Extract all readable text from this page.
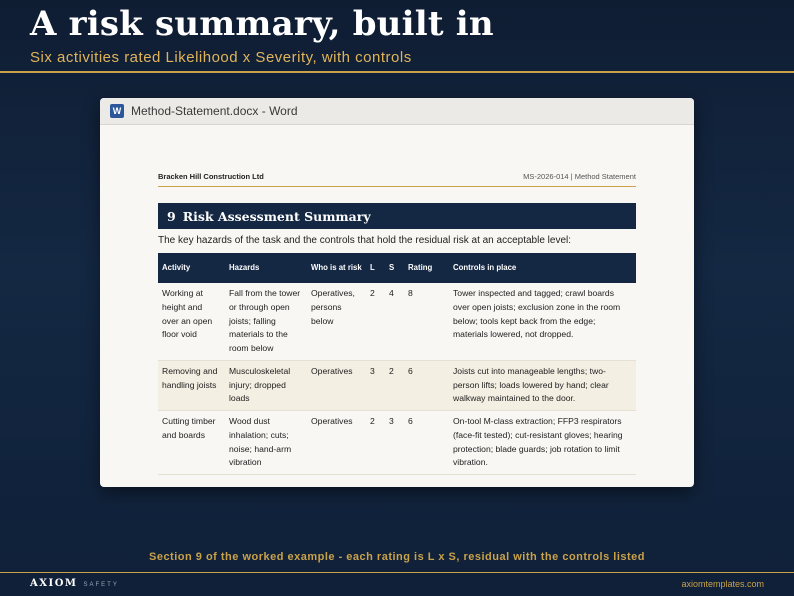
A risk summary, built in
Six activities rated Likelihood x Severity, with controls
W Method-Statement.docx - Word
Bracken Hill Construction Ltd	MS-2026-014 | Method Statement
9 Risk Assessment Summary
The key hazards of the task and the controls that hold the residual risk at an acceptable level:
Activity	Hazards	Who is at risk	L	S	Rating	Controls in place
Working at height and over an open floor void	Fall from the tower or through open joists; falling materials to the room below	Operatives, persons below	2	4	8	Tower inspected and tagged; crawl boards over open joists; exclusion zone in the room below; tools kept back from the edge; materials lowered, not dropped.
Removing and handling joists	Musculoskeletal injury; dropped loads	Operatives	3	2	6	Joists cut into manageable lengths; two-person lifts; loads lowered by hand; clear walkway maintained to the door.
Cutting timber and boards	Wood dust inhalation; cuts; noise; hand-arm vibration	Operatives	2	3	6	On-tool M-class extraction; FFP3 respirators (face-fit tested); cut-resistant gloves; hearing protection; blade guards; job rotation to limit vibration.
Section 9 of the worked example - each rating is L x S, residual with the controls listed
AXIOM SAFETY	axiomtemplates.com
